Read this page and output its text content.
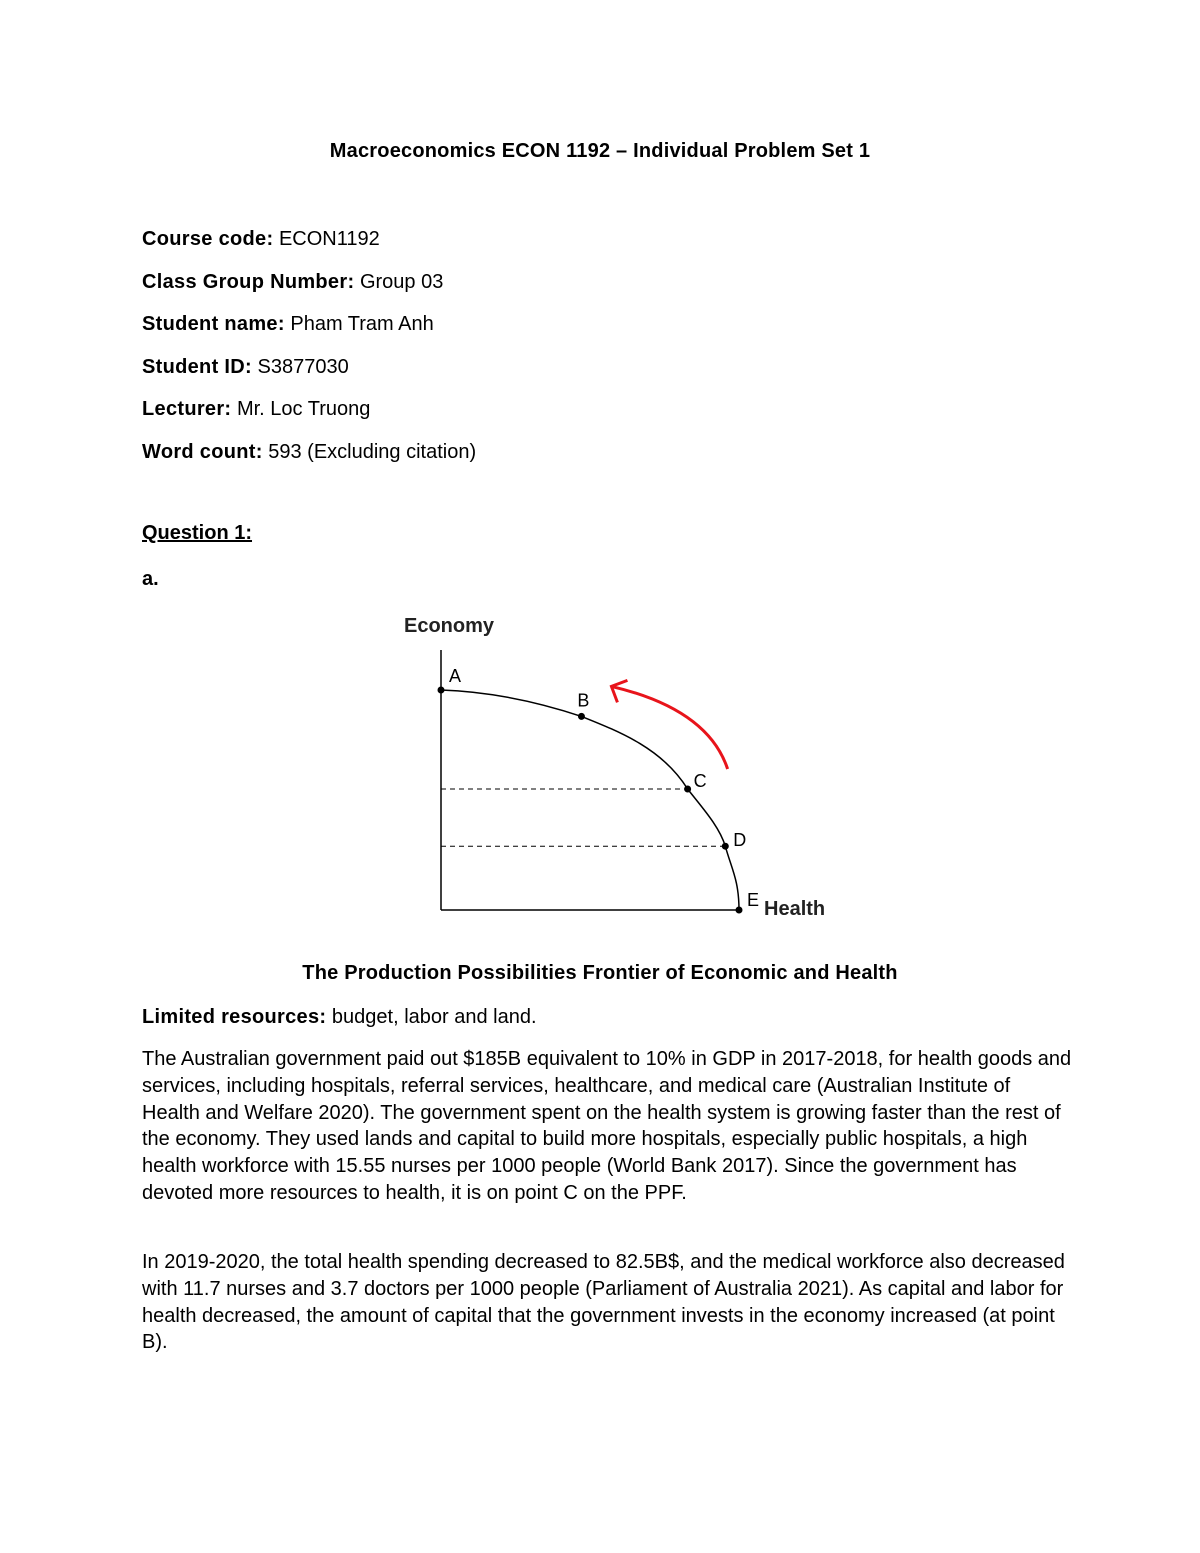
Macroeconomics ECON 1192 – Individual Problem Set 1
Course code: ECON1192
Class Group Number: Group 03
Student name: Pham Tram Anh
Student ID: S3877030
Lecturer: Mr. Loc Truong
Word count: 593 (Excluding citation)
Question 1:
a.
Economy
Health
A
B
C
D
E
The Production Possibilities Frontier of Economic and Health
Limited resources: budget, labor and land.
The Australian government paid out $185B equivalent to 10% in GDP in 2017-2018, for health goods and services, including hospitals, referral services, healthcare, and medical care (Australian Institute of Health and Welfare 2020). The government spent on the health system is growing faster than the rest of the economy. They used lands and capital to build more hospitals, especially public hospitals, a high health workforce with 15.55 nurses per 1000 people (World Bank 2017). Since the government has devoted more resources to health, it is on point C on the PPF.
In 2019-2020, the total health spending decreased to 82.5B$, and the medical workforce also decreased with 11.7 nurses and 3.7 doctors per 1000 people (Parliament of Australia 2021). As capital and labor for health decreased, the amount of capital that the government invests in the economy increased (at point B).
